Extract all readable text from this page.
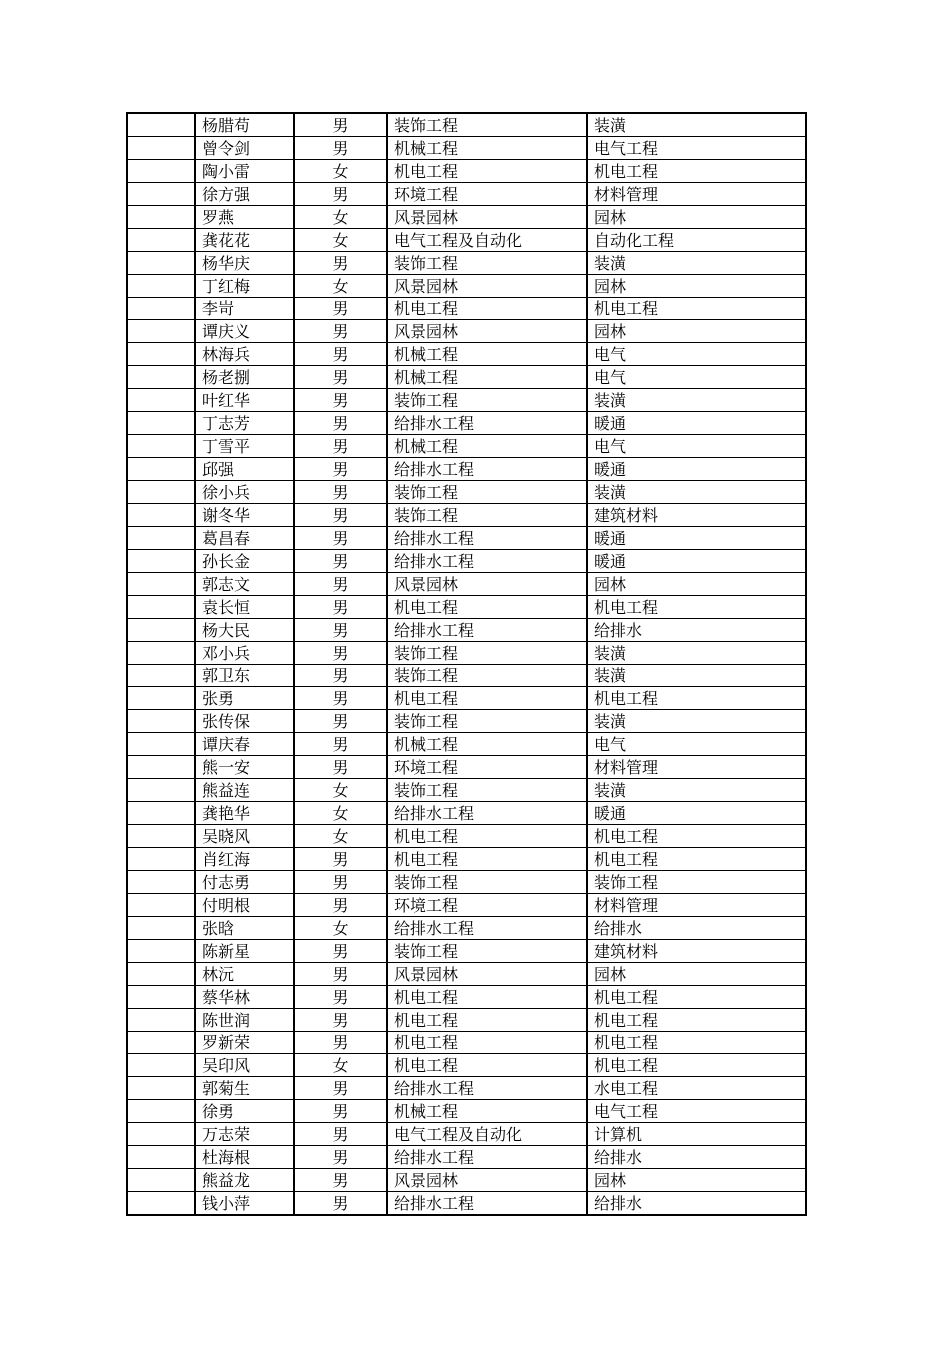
	杨腊苟	男	装饰工程	装潢
	曾令剑	男	机械工程	电气工程
	陶小雷	女	机电工程	机电工程
	徐方强	男	环境工程	材料管理
	罗燕	女	风景园林	园林
	龚花花	女	电气工程及自动化	自动化工程
	杨华庆	男	装饰工程	装潢
	丁红梅	女	风景园林	园林
	李岢	男	机电工程	机电工程
	谭庆义	男	风景园林	园林
	林海兵	男	机械工程	电气
	杨老捌	男	机械工程	电气
	叶红华	男	装饰工程	装潢
	丁志芳	男	给排水工程	暖通
	丁雪平	男	机械工程	电气
	邱强	男	给排水工程	暖通
	徐小兵	男	装饰工程	装潢
	谢冬华	男	装饰工程	建筑材料
	葛昌春	男	给排水工程	暖通
	孙长金	男	给排水工程	暖通
	郭志文	男	风景园林	园林
	袁长恒	男	机电工程	机电工程
	杨大民	男	给排水工程	给排水
	邓小兵	男	装饰工程	装潢
	郭卫东	男	装饰工程	装潢
	张勇	男	机电工程	机电工程
	张传保	男	装饰工程	装潢
	谭庆春	男	机械工程	电气
	熊一安	男	环境工程	材料管理
	熊益连	女	装饰工程	装潢
	龚艳华	女	给排水工程	暖通
	吴晓风	女	机电工程	机电工程
	肖红海	男	机电工程	机电工程
	付志勇	男	装饰工程	装饰工程
	付明根	男	环境工程	材料管理
	张晗	女	给排水工程	给排水
	陈新星	男	装饰工程	建筑材料
	林沅	男	风景园林	园林
	蔡华林	男	机电工程	机电工程
	陈世润	男	机电工程	机电工程
	罗新荣	男	机电工程	机电工程
	吴印风	女	机电工程	机电工程
	郭菊生	男	给排水工程	水电工程
	徐勇	男	机械工程	电气工程
	万志荣	男	电气工程及自动化	计算机
	杜海根	男	给排水工程	给排水
	熊益龙	男	风景园林	园林
	钱小萍	男	给排水工程	给排水
